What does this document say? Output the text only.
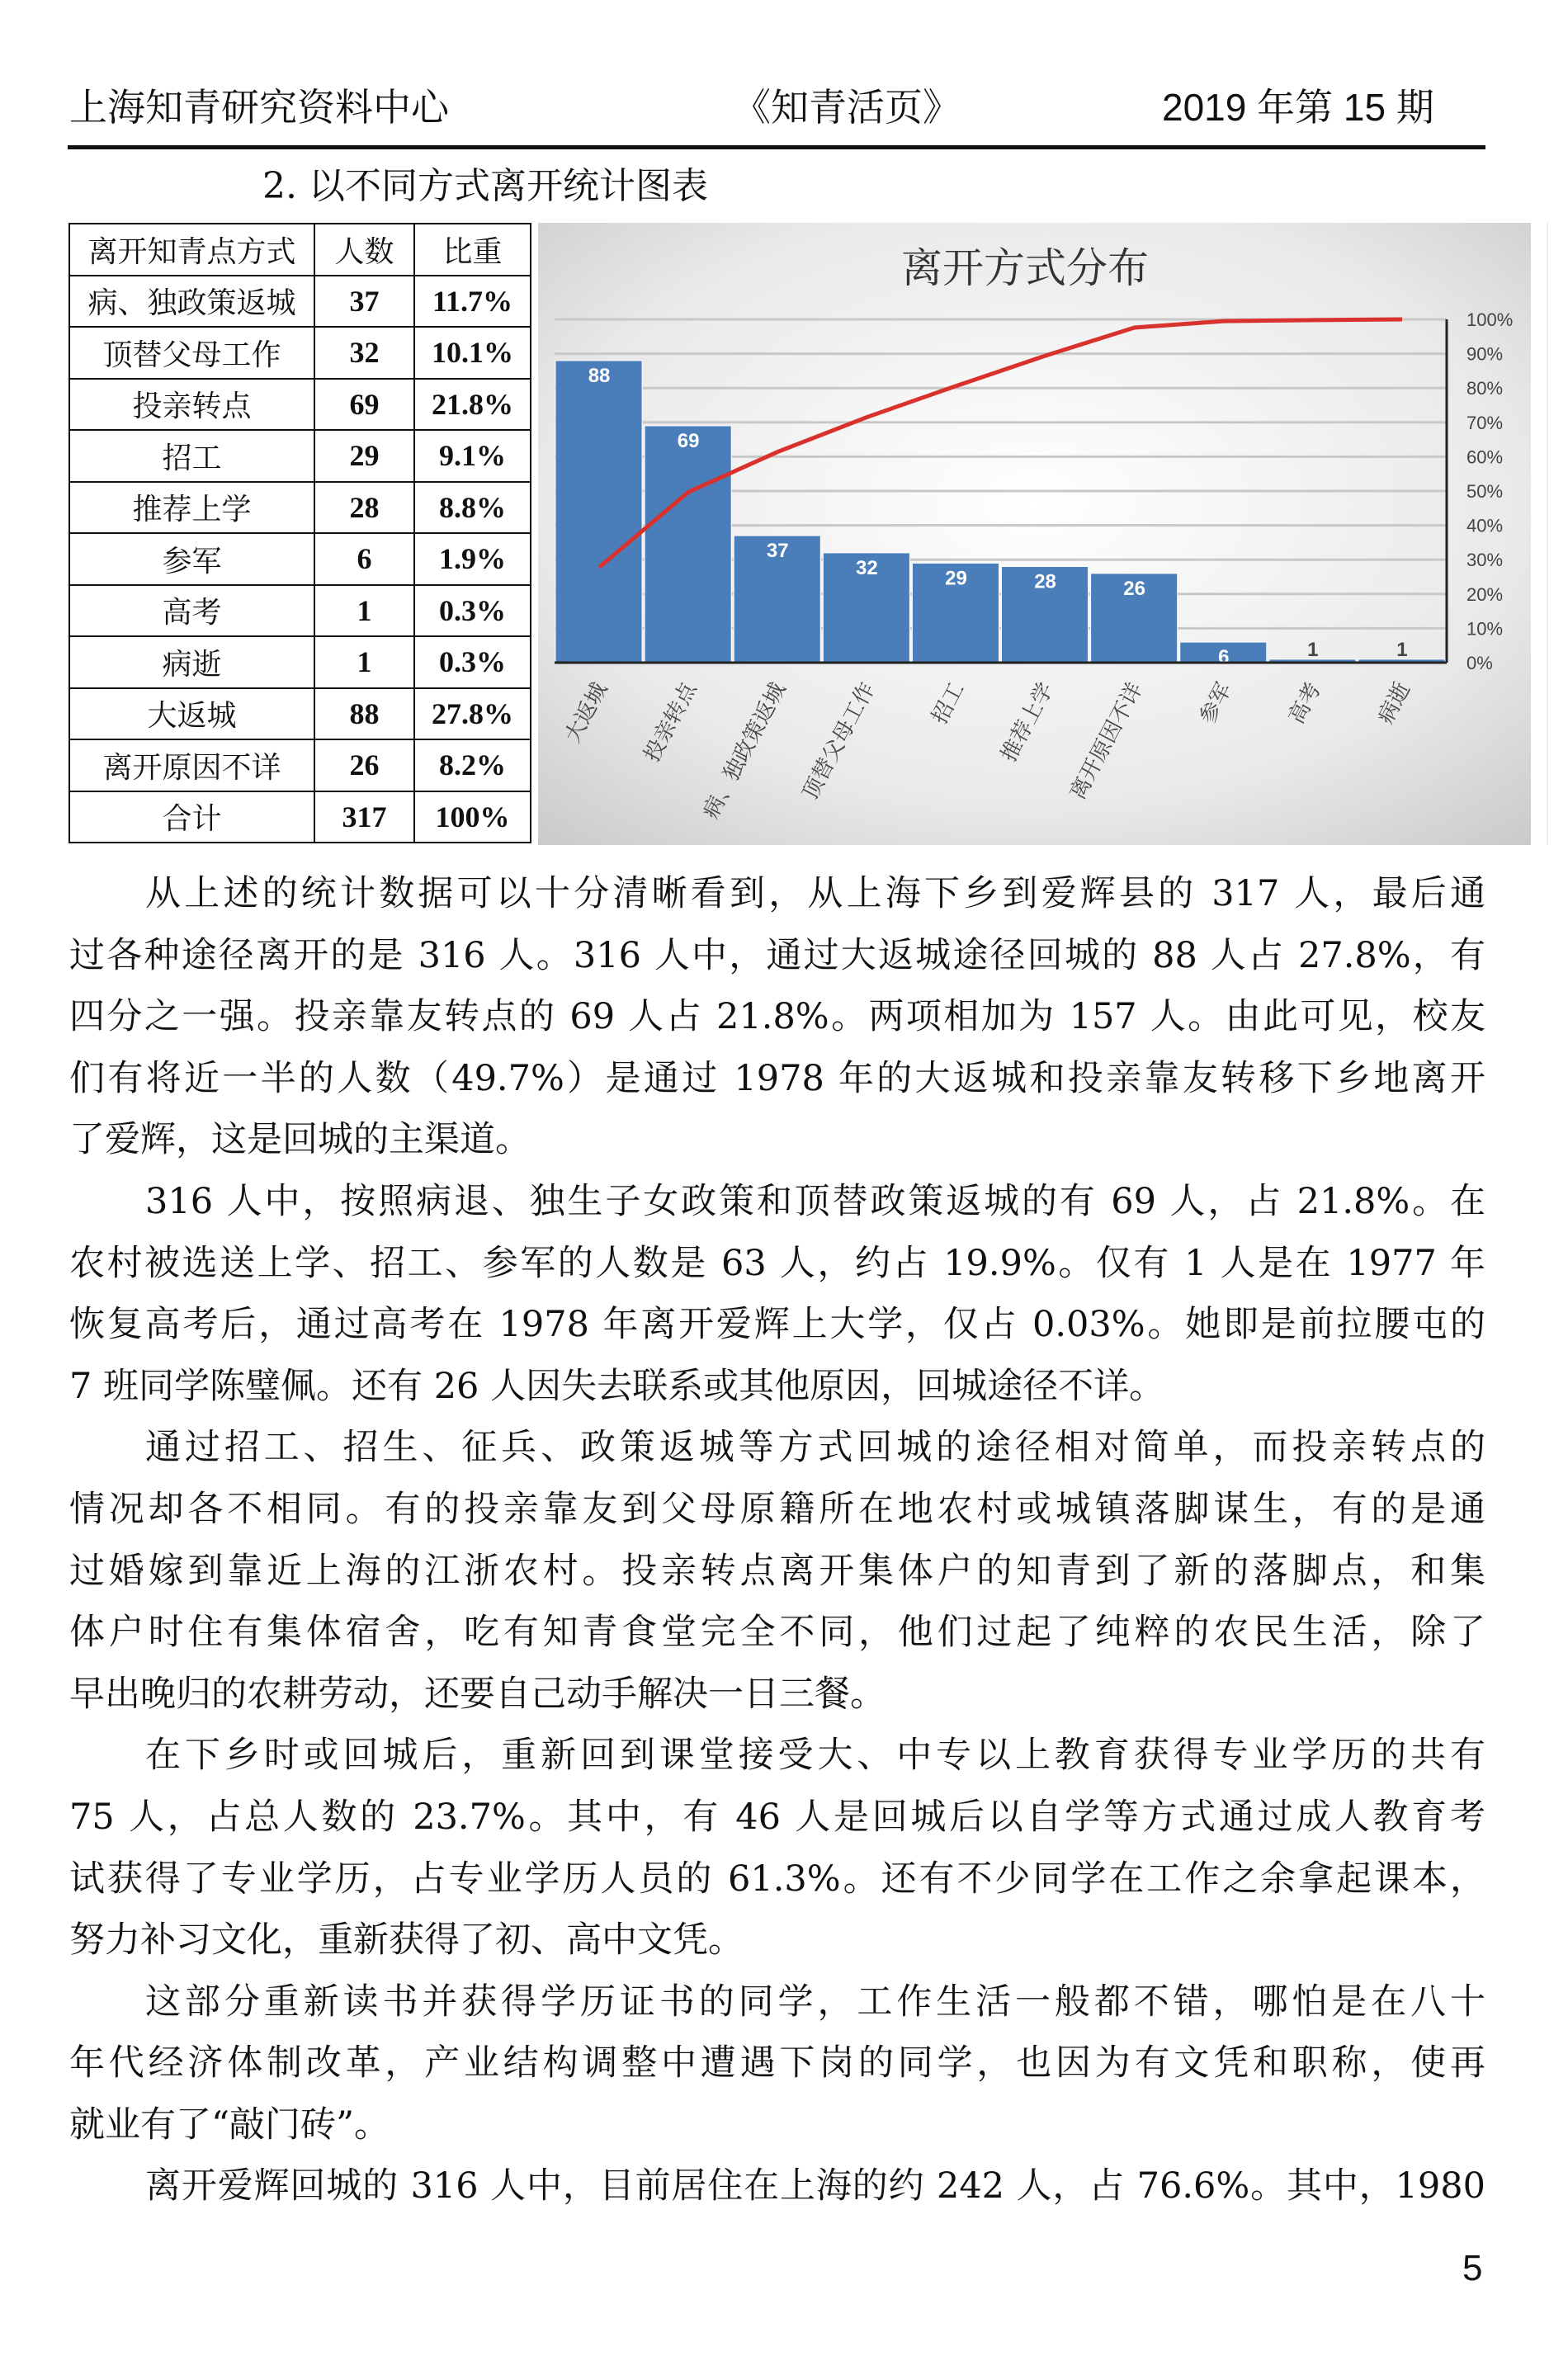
上海知青研究资料中心	《知青活页》	2019 年第 15 期
2. 以不同方式离开统计图表
离开知青点方式	人数	比重
病、独政策返城	37	11.7%
顶替父母工作	32	10.1%
投亲转点	69	21.8%
招工	29	9.1%
推荐上学	28	8.8%
参军	6	1.9%
高考	1	0.3%
病逝	1	0.3%
大返城	88	27.8%
离开原因不详	26	8.2%
合计	317	100%
离开方式分布
88
69
37
32	29	28	26
6	1	1
0%
10%
20%
30%
40%
50%
60%
70%
80%
90%
100%
大返城 投亲转点
病、独政策返城 顶替父母工作 招工 推荐上学 离开原因不详 参军 高考 病逝
从上述的统计数据可以十分清晰看到，从上海下乡到爱辉县的 317 人，最后通
过各种途径离开的是 316 人。316 人中，通过大返城途径回城的 88 人占 27.8%，有
四分之一强。投亲靠友转点的 69 人占 21.8%。两项相加为 157 人。由此可见，校友
们有将近一半的人数（49.7%）是通过 1978 年的大返城和投亲靠友转移下乡地离开
了爱辉，这是回城的主渠道。
316 人中，按照病退、独生子女政策和顶替政策返城的有 69 人，占 21.8%。在
农村被选送上学、招工、参军的人数是 63 人，约占 19.9%。仅有 1 人是在 1977 年
恢复高考后，通过高考在 1978 年离开爱辉上大学，仅占 0.03%。她即是前拉腰屯的
7 班同学陈璧佩。还有 26 人因失去联系或其他原因，回城途径不详。
通过招工、招生、征兵、政策返城等方式回城的途径相对简单，而投亲转点的
情况却各不相同。有的投亲靠友到父母原籍所在地农村或城镇落脚谋生，有的是通
过婚嫁到靠近上海的江浙农村。投亲转点离开集体户的知青到了新的落脚点，和集
体户时住有集体宿舍，吃有知青食堂完全不同，他们过起了纯粹的农民生活，除了
早出晚归的农耕劳动，还要自己动手解决一日三餐。
在下乡时或回城后，重新回到课堂接受大、中专以上教育获得专业学历的共有
75 人，占总人数的 23.7%。其中，有 46 人是回城后以自学等方式通过成人教育考
试获得了专业学历，占专业学历人员的 61.3%。还有不少同学在工作之余拿起课本，
努力补习文化，重新获得了初、高中文凭。
这部分重新读书并获得学历证书的同学，工作生活一般都不错，哪怕是在八十
年代经济体制改革，产业结构调整中遭遇下岗的同学，也因为有文凭和职称，使再
就业有了“敲门砖”。
离开爱辉回城的 316 人中，目前居住在上海的约 242 人，占 76.6%。其中，1980
5
